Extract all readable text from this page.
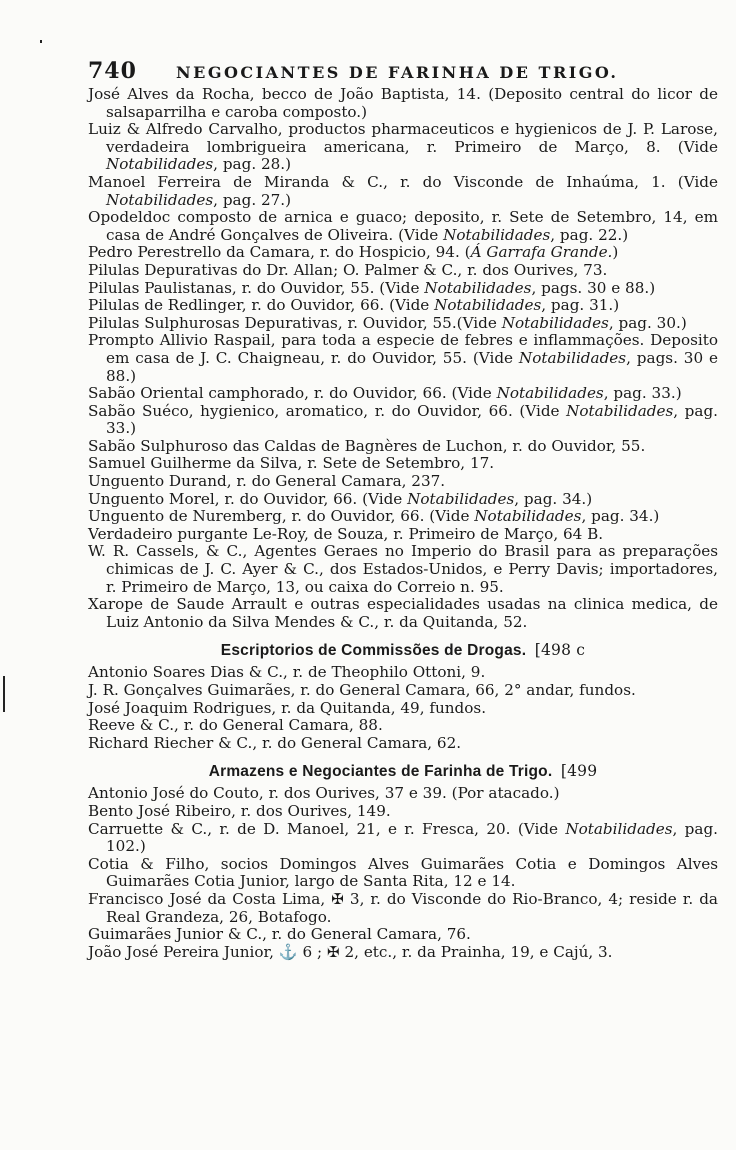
740	NEGOCIANTES DE FARINHA DE TRIGO.

José Alves da Rocha, becco de João Baptista, 14. (Deposito central do licor de salsaparrilha e caroba composto.)

Luiz & Alfredo Carvalho, productos pharmaceuticos e hygienicos de J. P. Larose, verdadeira lombrigueira americana, r. Primeiro de Março, 8. (Vide Notabilidades, pag. 28.)

Manoel Ferreira de Miranda & C., r. do Visconde de Inhaúma, 1. (Vide Notabilidades, pag. 27.)

Opodeldoc composto de arnica e guaco; deposito, r. Sete de Setembro, 14, em casa de André Gonçalves de Oliveira. (Vide Notabilidades, pag. 22.)

Pedro Perestrello da Camara, r. do Hospicio, 94. (Á Garrafa Grande.)

Pilulas Depurativas do Dr. Allan; O. Palmer & C., r. dos Ourives, 73.

Pilulas Paulistanas, r. do Ouvidor, 55. (Vide Notabilidades, pags. 30 e 88.)

Pilulas de Redlinger, r. do Ouvidor, 66. (Vide Notabilidades, pag. 31.)

Pilulas Sulphurosas Depurativas, r. Ouvidor, 55.(Vide Notabilidades, pag. 30.)

Prompto Allivio Raspail, para toda a especie de febres e inflammações. Deposito em casa de J. C. Chaigneau, r. do Ouvidor, 55. (Vide Notabilidades, pags. 30 e 88.)

Sabão Oriental camphorado, r. do Ouvidor, 66. (Vide Notabilidades, pag. 33.)

Sabão Suéco, hygienico, aromatico, r. do Ouvidor, 66. (Vide Notabilidades, pag. 33.)

Sabão Sulphuroso das Caldas de Bagnères de Luchon, r. do Ouvidor, 55.

Samuel Guilherme da Silva, r. Sete de Setembro, 17.

Unguento Durand, r. do General Camara, 237.

Unguento Morel, r. do Ouvidor, 66. (Vide Notabilidades, pag. 34.)

Unguento de Nuremberg, r. do Ouvidor, 66. (Vide Notabilidades, pag. 34.)

Verdadeiro purgante Le-Roy, de Souza, r. Primeiro de Março, 64 B.

W. R. Cassels, & C., Agentes Geraes no Imperio do Brasil para as preparações chimicas de J. C. Ayer & C., dos Estados-Unidos, e Perry Davis; importadores, r. Primeiro de Março, 13, ou caixa do Correio n. 95.

Xarope de Saude Arrault e outras especialidades usadas na clinica medica, de Luiz Antonio da Silva Mendes & C., r. da Quitanda, 52.

Escriptorios de Commissões de Drogas. [498 c

Antonio Soares Dias & C., r. de Theophilo Ottoni, 9.

J. R. Gonçalves Guimarães, r. do General Camara, 66, 2° andar, fundos.

José Joaquim Rodrigues, r. da Quitanda, 49, fundos.

Reeve & C., r. do General Camara, 88.

Richard Riecher & C., r. do General Camara, 62.

Armazens e Negociantes de Farinha de Trigo. [499

Antonio José do Couto, r. dos Ourives, 37 e 39. (Por atacado.)

Bento José Ribeiro, r. dos Ourives, 149.

Carruette & C., r. de D. Manoel, 21, e r. Fresca, 20. (Vide Notabilidades, pag. 102.)

Cotia & Filho, socios Domingos Alves Guimarães Cotia e Domingos Alves Guimarães Cotia Junior, largo de Santa Rita, 12 e 14.

Francisco José da Costa Lima, ✠ 3, r. do Visconde do Rio-Branco, 4; reside r. da Real Grandeza, 26, Botafogo.

Guimarães Junior & C., r. do General Camara, 76.

João José Pereira Junior, ⚓ 6 ; ✠ 2, etc., r. da Prainha, 19, e Cajú, 3.
